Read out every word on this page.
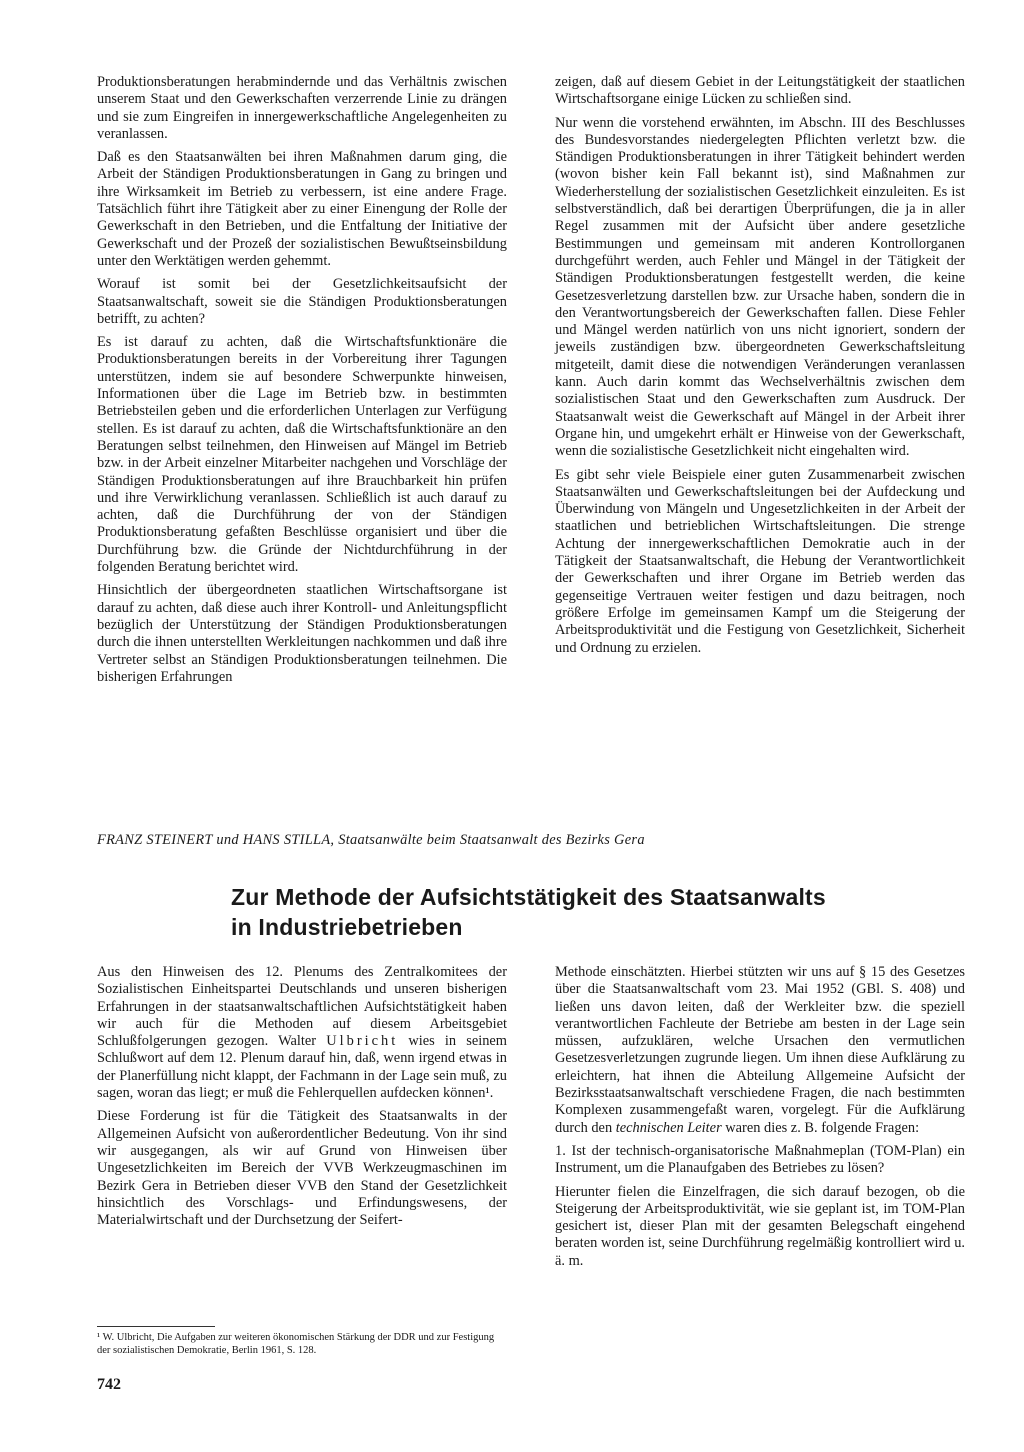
Produktionsberatungen herabmindernde und das Verhältnis zwischen unserem Staat und den Gewerkschaften verzerrende Linie zu drängen und sie zum Eingreifen in innergewerkschaftliche Angelegenheiten zu veranlassen.

Daß es den Staatsanwälten bei ihren Maßnahmen darum ging, die Arbeit der Ständigen Produktionsberatungen in Gang zu bringen und ihre Wirksamkeit im Betrieb zu verbessern, ist eine andere Frage. Tatsächlich führt ihre Tätigkeit aber zu einer Einengung der Rolle der Gewerkschaft in den Betrieben, und die Entfaltung der Initiative der Gewerkschaft und der Prozeß der sozialistischen Bewußtseinsbildung unter den Werktätigen werden gehemmt.

Worauf ist somit bei der Gesetzlichkeitsaufsicht der Staatsanwaltschaft, soweit sie die Ständigen Produktionsberatungen betrifft, zu achten?

Es ist darauf zu achten, daß die Wirtschaftsfunktionäre die Produktionsberatungen bereits in der Vorbereitung ihrer Tagungen unterstützen, indem sie auf besondere Schwerpunkte hinweisen, Informationen über die Lage im Betrieb bzw. in bestimmten Betriebsteilen geben und die erforderlichen Unterlagen zur Verfügung stellen. Es ist darauf zu achten, daß die Wirtschaftsfunktionäre an den Beratungen selbst teilnehmen, den Hinweisen auf Mängel im Betrieb bzw. in der Arbeit einzelner Mitarbeiter nachgehen und Vorschläge der Ständigen Produktionsberatungen auf ihre Brauchbarkeit hin prüfen und ihre Verwirklichung veranlassen. Schließlich ist auch darauf zu achten, daß die Durchführung der von der Ständigen Produktionsberatung gefaßten Beschlüsse organisiert und über die Durchführung bzw. die Gründe der Nichtdurchführung in der folgenden Beratung berichtet wird.

Hinsichtlich der übergeordneten staatlichen Wirtschaftsorgane ist darauf zu achten, daß diese auch ihrer Kontroll- und Anleitungspflicht bezüglich der Unterstützung der Ständigen Produktionsberatungen durch die ihnen unterstellten Werkleitungen nachkommen und daß ihre Vertreter selbst an Ständigen Produktionsberatungen teilnehmen. Die bisherigen Erfahrungen

zeigen, daß auf diesem Gebiet in der Leitungstätigkeit der staatlichen Wirtschaftsorgane einige Lücken zu schließen sind.

Nur wenn die vorstehend erwähnten, im Abschn. III des Beschlusses des Bundesvorstandes niedergelegten Pflichten verletzt bzw. die Ständigen Produktionsberatungen in ihrer Tätigkeit behindert werden (wovon bisher kein Fall bekannt ist), sind Maßnahmen zur Wiederherstellung der sozialistischen Gesetzlichkeit einzuleiten. Es ist selbstverständlich, daß bei derartigen Überprüfungen, die ja in aller Regel zusammen mit der Aufsicht über andere gesetzliche Bestimmungen und gemeinsam mit anderen Kontrollorganen durchgeführt werden, auch Fehler und Mängel in der Tätigkeit der Ständigen Produktionsberatungen festgestellt werden, die keine Gesetzesverletzung darstellen bzw. zur Ursache haben, sondern die in den Verantwortungsbereich der Gewerkschaften fallen. Diese Fehler und Mängel werden natürlich von uns nicht ignoriert, sondern der jeweils zuständigen bzw. übergeordneten Gewerkschaftsleitung mitgeteilt, damit diese die notwendigen Veränderungen veranlassen kann. Auch darin kommt das Wechselverhältnis zwischen dem sozialistischen Staat und den Gewerkschaften zum Ausdruck. Der Staatsanwalt weist die Gewerkschaft auf Mängel in der Arbeit ihrer Organe hin, und umgekehrt erhält er Hinweise von der Gewerkschaft, wenn die sozialistische Gesetzlichkeit nicht eingehalten wird.

Es gibt sehr viele Beispiele einer guten Zusammenarbeit zwischen Staatsanwälten und Gewerkschaftsleitungen bei der Aufdeckung und Überwindung von Mängeln und Ungesetzlichkeiten in der Arbeit der staatlichen und betrieblichen Wirtschaftsleitungen. Die strenge Achtung der innergewerkschaftlichen Demokratie auch in der Tätigkeit der Staatsanwaltschaft, die Hebung der Verantwortlichkeit der Gewerkschaften und ihrer Organe im Betrieb werden das gegenseitige Vertrauen weiter festigen und dazu beitragen, noch größere Erfolge im gemeinsamen Kampf um die Steigerung der Arbeitsproduktivität und die Festigung von Gesetzlichkeit, Sicherheit und Ordnung zu erzielen.

FRANZ STEINERT und HANS STILLA, Staatsanwälte beim Staatsanwalt des Bezirks Gera
Zur Methode der Aufsichtstätigkeit des Staatsanwalts
in Industriebetrieben

Aus den Hinweisen des 12. Plenums des Zentralkomitees der Sozialistischen Einheitspartei Deutschlands und unseren bisherigen Erfahrungen in der staatsanwaltschaftlichen Aufsichtstätigkeit haben wir auch für die Methoden auf diesem Arbeitsgebiet Schlußfolgerungen gezogen. Walter Ulbricht wies in seinem Schlußwort auf dem 12. Plenum darauf hin, daß, wenn irgend etwas in der Planerfüllung nicht klappt, der Fachmann in der Lage sein muß, zu sagen, woran das liegt; er muß die Fehlerquellen aufdecken können¹.

Diese Forderung ist für die Tätigkeit des Staatsanwalts in der Allgemeinen Aufsicht von außerordentlicher Bedeutung. Von ihr sind wir ausgegangen, als wir auf Grund von Hinweisen über Ungesetzlichkeiten im Bereich der VVB Werkzeugmaschinen im Bezirk Gera in Betrieben dieser VVB den Stand der Gesetzlichkeit hinsichtlich des Vorschlags- und Erfindungswesens, der Materialwirtschaft und der Durchsetzung der Seifert-

Methode einschätzten. Hierbei stützten wir uns auf § 15 des Gesetzes über die Staatsanwaltschaft vom 23. Mai 1952 (GBl. S. 408) und ließen uns davon leiten, daß der Werkleiter bzw. die speziell verantwortlichen Fachleute der Betriebe am besten in der Lage sein müssen, aufzuklären, welche Ursachen den vermutlichen Gesetzesverletzungen zugrunde liegen. Um ihnen diese Aufklärung zu erleichtern, hat ihnen die Abteilung Allgemeine Aufsicht der Bezirksstaatsanwaltschaft verschiedene Fragen, die nach bestimmten Komplexen zusammengefaßt waren, vorgelegt. Für die Aufklärung durch den technischen Leiter waren dies z. B. folgende Fragen:

1. Ist der technisch-organisatorische Maßnahmeplan (TOM-Plan) ein Instrument, um die Planaufgaben des Betriebes zu lösen?

Hierunter fielen die Einzelfragen, die sich darauf bezogen, ob die Steigerung der Arbeitsproduktivität, wie sie geplant ist, im TOM-Plan gesichert ist, dieser Plan mit der gesamten Belegschaft eingehend beraten worden ist, seine Durchführung regelmäßig kontrolliert wird u. ä. m.

¹ W. Ulbricht, Die Aufgaben zur weiteren ökonomischen Stärkung der DDR und zur Festigung der sozialistischen Demokratie, Berlin 1961, S. 128.
742
